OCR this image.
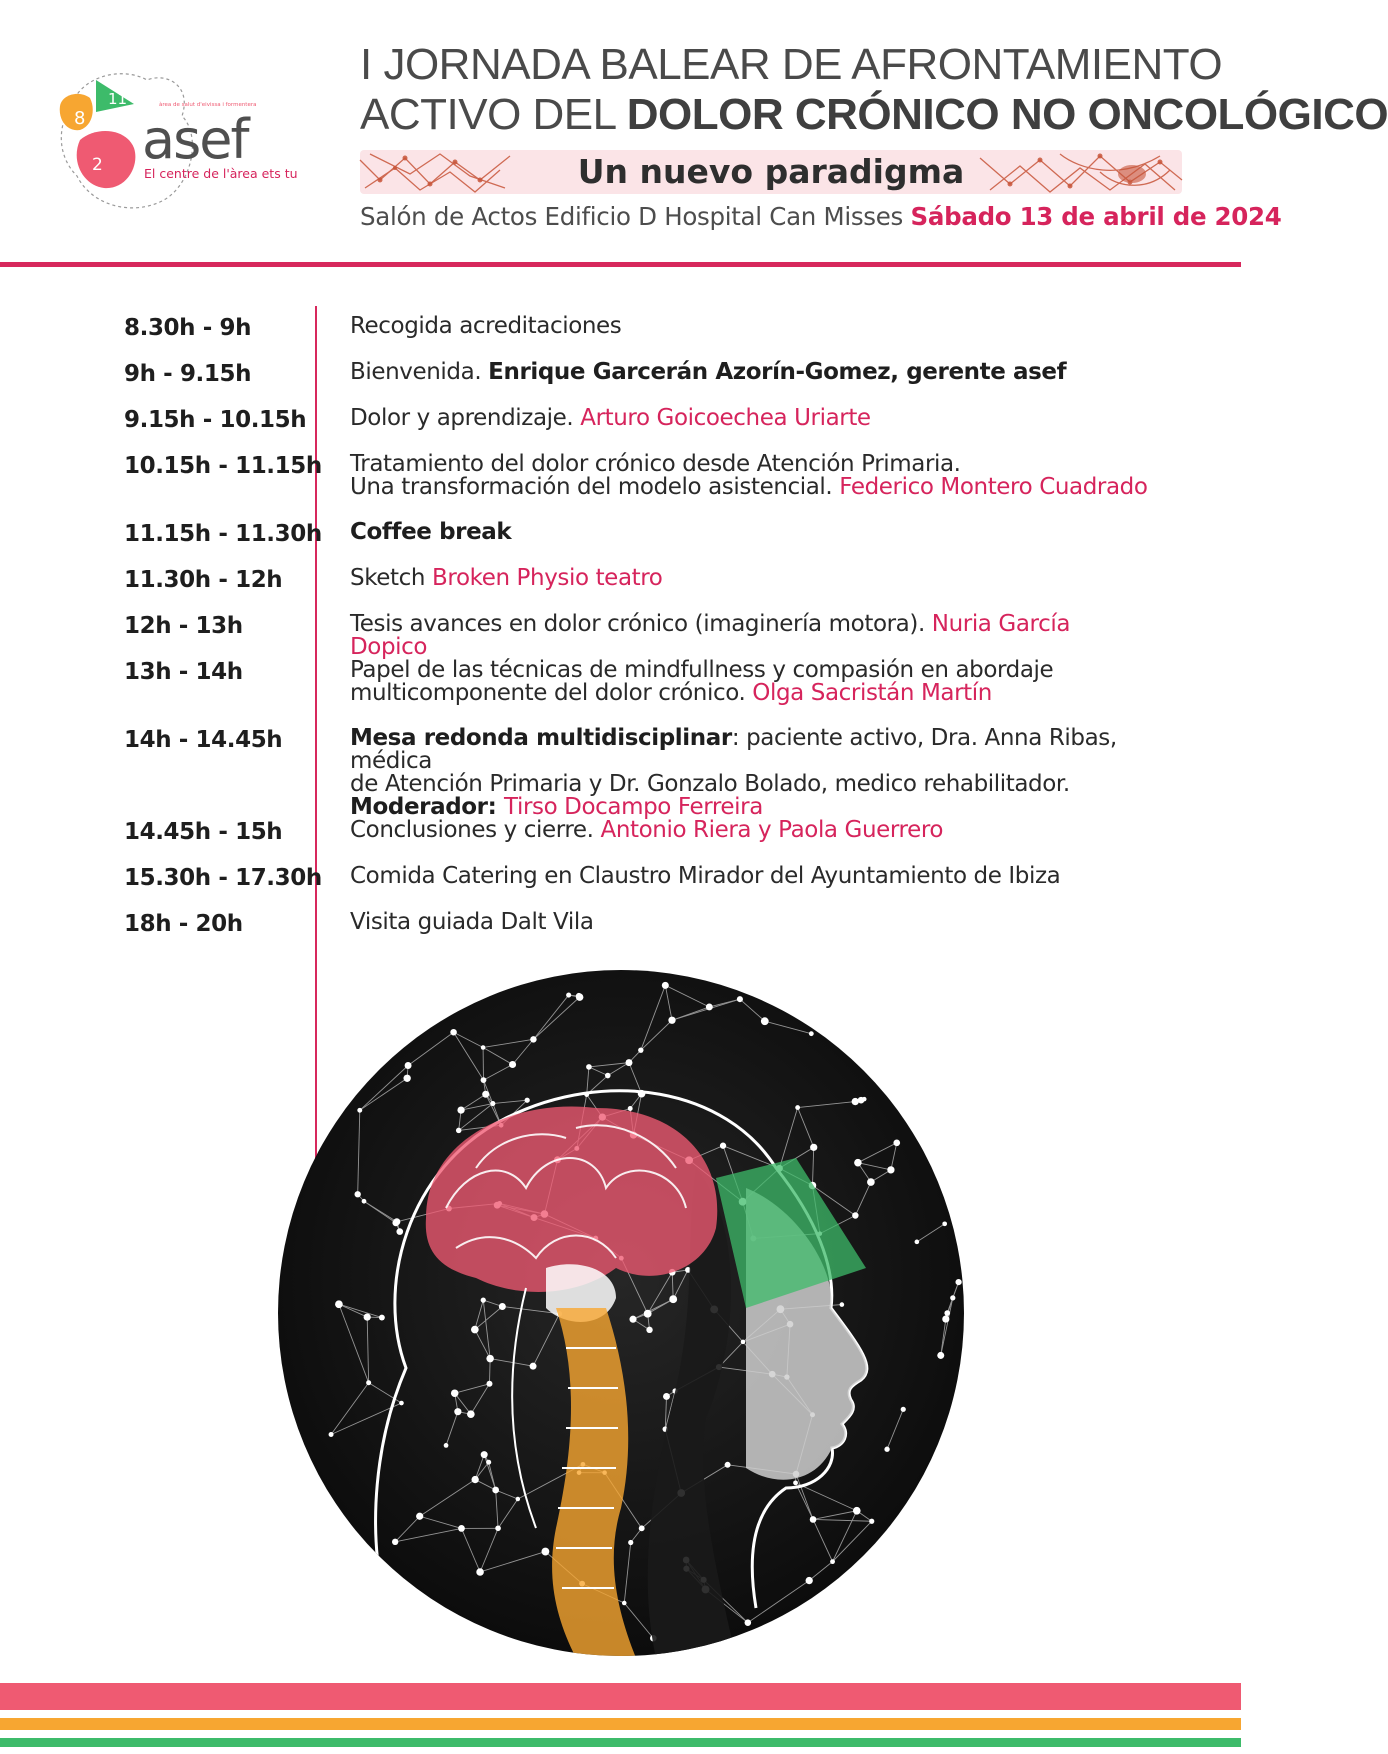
8
11
2
àrea de salut d'eivissa i formentera
asef
El centre de l'àrea ets tu
I JORNADA BALEAR DE AFRONTAMIENTO
ACTIVO DEL DOLOR CRÓNICO NO ONCOLÓGICO
Un nuevo paradigma
Salón de Actos Edificio D Hospital Can Misses Sábado 13 de abril de 2024
8.30h - 9h	Recogida acreditaciones
9h - 9.15h	Bienvenida. Enrique Garcerán Azorín-Gomez, gerente asef
9.15h - 10.15h Dolor y aprendizaje. Arturo Goicoechea Uriarte
10.15h - 11.15h Tratamiento del dolor crónico desde Atención Primaria.
Una transformación del modelo asistencial. Federico Montero Cuadrado
11.15h - 11.30h Coffee break
11.30h - 12h	Sketch Broken Physio teatro
12h - 13h	Tesis avances en dolor crónico (imaginería motora). Nuria García Dopico
13h - 14h	Papel de las técnicas de mindfullness y compasión en abordaje
multicomponente del dolor crónico. Olga Sacristán Martín
14h - 14.45h	Mesa redonda multidisciplinar: paciente activo, Dra. Anna Ribas, médica
de Atención Primaria y Dr. Gonzalo Bolado, medico rehabilitador.
Moderador: Tirso Docampo Ferreira
14.45h - 15h	Conclusiones y cierre. Antonio Riera y Paola Guerrero
15.30h - 17.30h Comida Catering en Claustro Mirador del Ayuntamiento de Ibiza
18h - 20h	Visita guiada Dalt Vila
